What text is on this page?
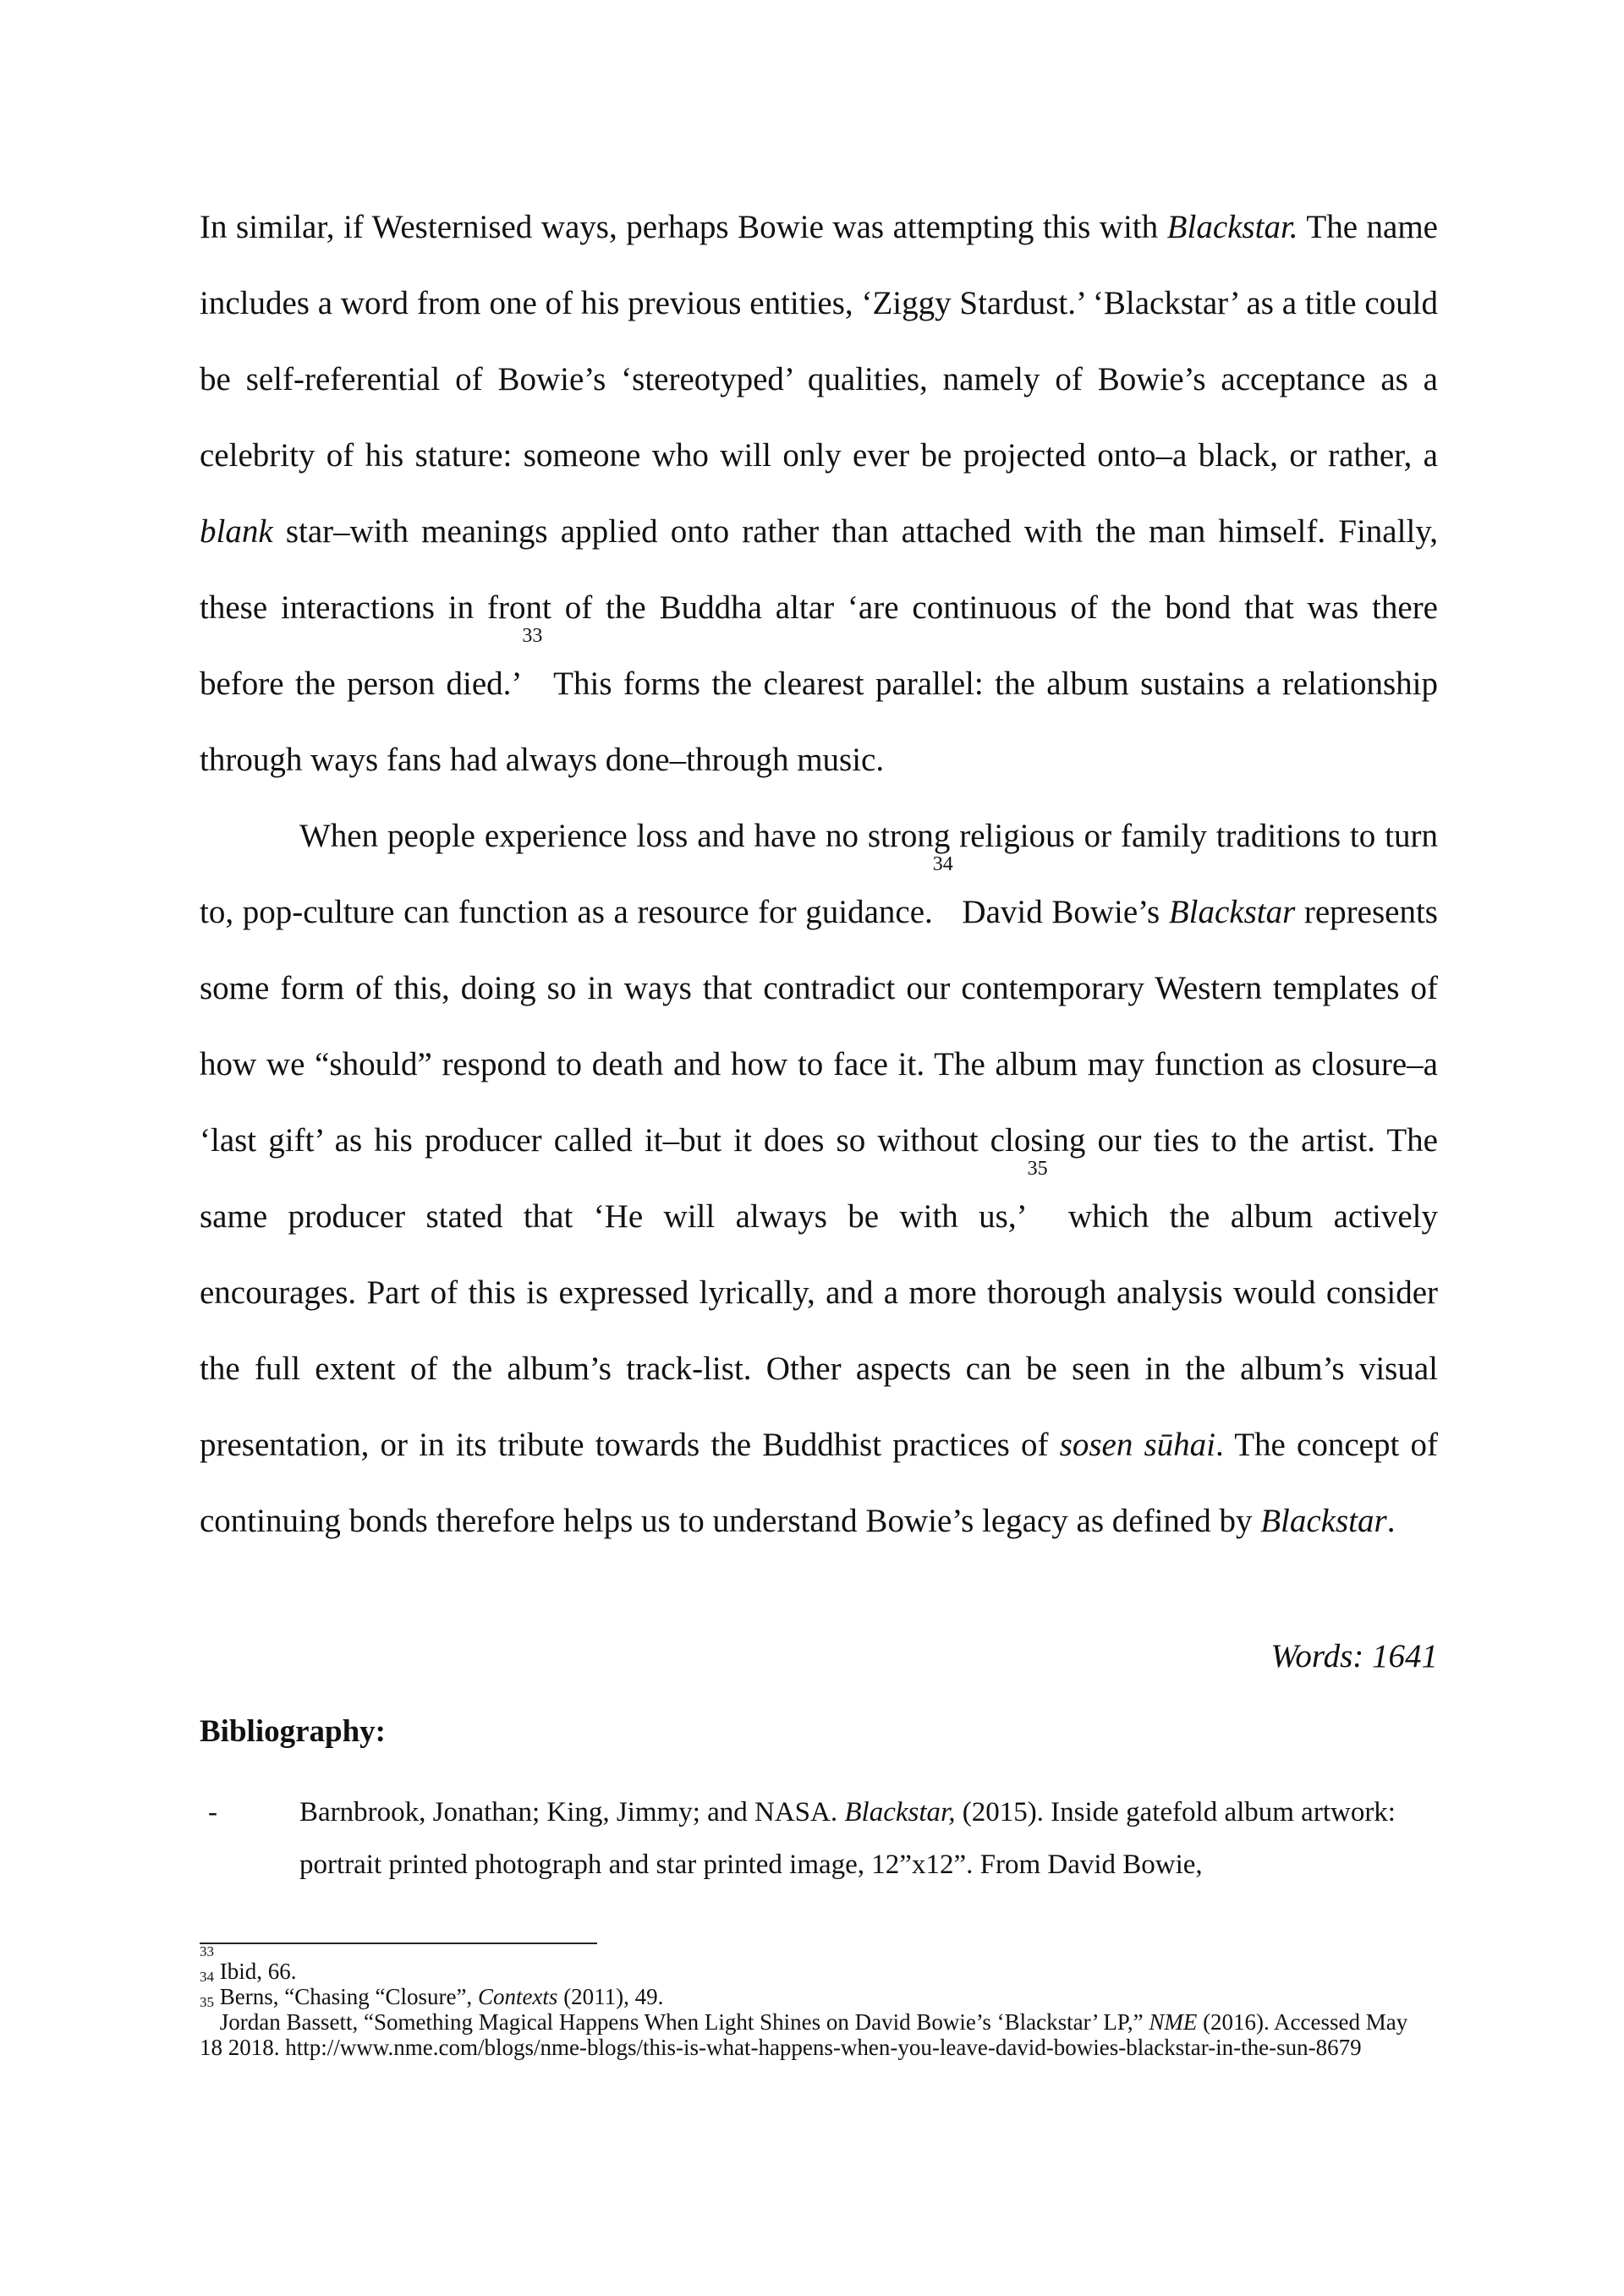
In similar, if Westernised ways, perhaps Bowie was attempting this with Blackstar. The name includes a word from one of his previous entities, ‘Ziggy Stardust.’ ‘Blackstar’ as a title could be self-referential of Bowie’s ‘stereotyped’ qualities, namely of Bowie’s acceptance as a celebrity of his stature: someone who will only ever be projected onto–a black, or rather, a blank star–with meanings applied onto rather than attached with the man himself. Finally, these interactions in front of the Buddha altar ‘are continuous of the bond that was there before the person died.’$^{33}$ This forms the clearest parallel: the album sustains a relationship through ways fans had always done–through music.

When people experience loss and have no strong religious or family traditions to turn to, pop-culture can function as a resource for guidance.$^{34}$ David Bowie’s Blackstar represents some form of this, doing so in ways that contradict our contemporary Western templates of how we “should” respond to death and how to face it. The album may function as closure–a ‘last gift’ as his producer called it–but it does so without closing our ties to the artist. The same producer stated that ‘He will always be with us,’$^{35}$ which the album actively encourages. Part of this is expressed lyrically, and a more thorough analysis would consider the full extent of the album’s track-list. Other aspects can be seen in the album’s visual presentation, or in its tribute towards the Buddhist practices of sosen sūhai. The concept of continuing bonds therefore helps us to understand Bowie’s legacy as defined by Blackstar.

Words: 1641

Bibliography:
-	Barnbrook, Jonathan; King, Jimmy; and NASA. Blackstar, (2015). Inside gatefold album artwork: portrait printed photograph and star printed image, 12”x12”. From David Bowie,
$^{33}$ Ibid, 66.
$^{34}$ Berns, “Chasing “Closure”, Contexts (2011), 49.
$^{35}$ Jordan Bassett, “Something Magical Happens When Light Shines on David Bowie’s ‘Blackstar’ LP,” NME (2016). Accessed May 18 2018. http://www.nme.com/blogs/nme-blogs/this-is-what-happens-when-you-leave-david-bowies-blackstar-in-the-sun-8679
